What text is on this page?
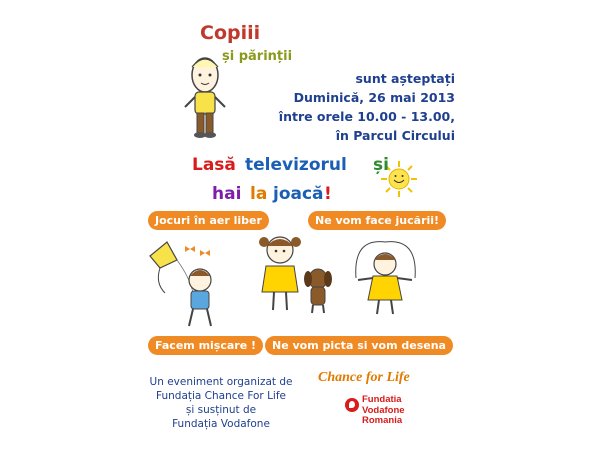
Copiii
și părinții
sunt așteptați
Duminică, 26 mai 2013
între orele 10.00 - 13.00,
în Parcul Circului
Lasă televizorul și
hai la joacă !
Jocuri în aer liber	Ne vom face jucării!
Facem mișcare !	Ne vom picta si vom desena
Un eveniment organizat de
Fundația Chance For Life
și susținut de
Fundația Vodafone
Chance for Life
Fundatia
Vodafone
Romania
